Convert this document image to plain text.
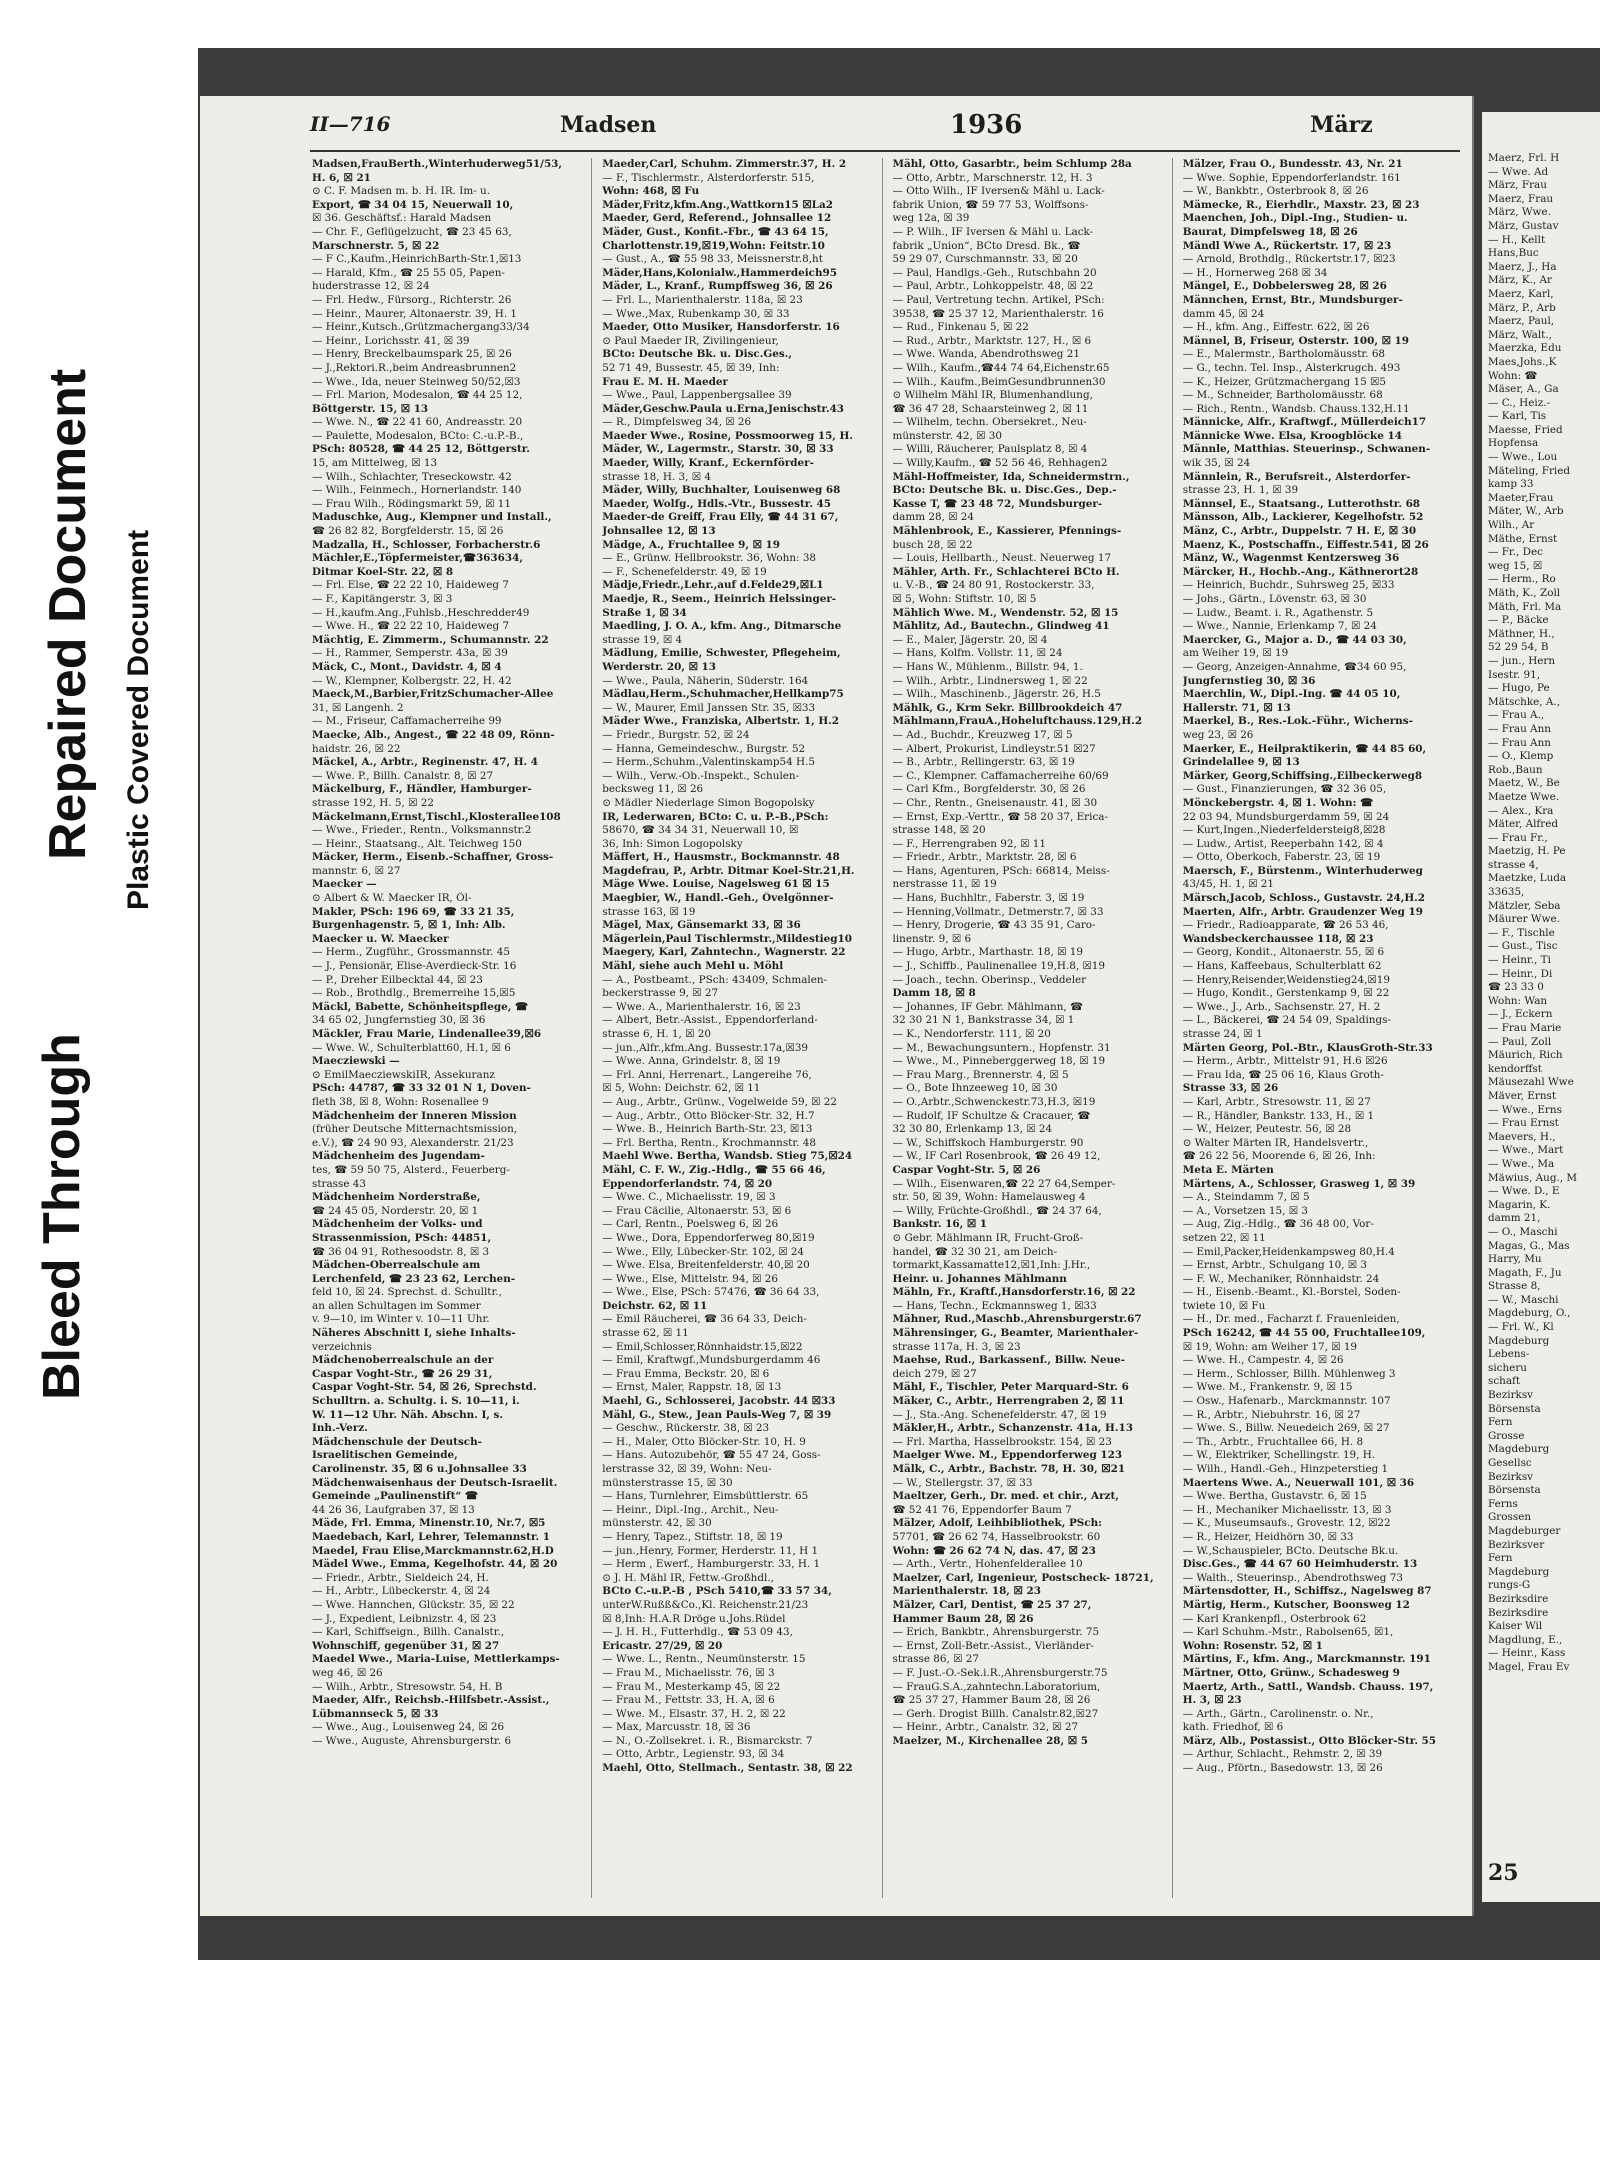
Bleed Through
Repaired Document Plastic Covered Document
II—716	Madsen	1936	März
Madsen,FrauBerth.,Winterhuderweg51/53,
H. 6, ☒ 21
⊙ C. F. Madsen m. b. H. IR. Im- u.
Export, ☎ 34 04 15, Neuerwall 10,
☒ 36. Geschäftsf.: Harald Madsen
— Chr. F., Geflügelzucht, ☎ 23 45 63,
Marschnerstr. 5, ☒ 22
— F C.,Kaufm.,HeinrichBarth-Str.1,☒13
— Harald, Kfm., ☎ 25 55 05, Papen-
huderstrasse 12, ☒ 24
— Frl. Hedw., Fürsorg., Richterstr. 26
— Heinr., Maurer, Altonaerstr. 39, H. 1
— Heinr.,Kutsch.,Grützmachergang33/34
— Heinr., Lorichsstr. 41, ☒ 39
— Henry, Breckelbaumspark 25, ☒ 26
— J.,Rektori.R.,beim Andreasbrunnen2
— Wwe., Ida, neuer Steinweg 50/52,☒3
— Frl. Marion, Modesalon, ☎ 44 25 12,
Böttgerstr. 15, ☒ 13
— Wwe. N., ☎ 22 41 60, Andreasstr. 20
— Paulette, Modesalon, BCto: C.-u.P.-B.,
PSch: 80528, ☎ 44 25 12, Böttgerstr.
15, am Mittelweg, ☒ 13
— Wilh., Schlachter, Treseckowstr. 42
— Wilh., Feinmech., Hornerlandstr. 140
— Frau Wilh., Rödingsmarkt 59, ☒ 11
Maduschke, Aug., Klempner und Install.,
☎ 26 82 82, Borgfelderstr. 15, ☒ 26
Madzalla, H., Schlosser, Forbacherstr.6
Mächler,E.,Töpfermeister,☎363634,
Ditmar Koel-Str. 22, ☒ 8
— Frl. Else, ☎ 22 22 10, Haideweg 7
— F., Kapitängerstr. 3, ☒ 3
— H.,kaufm.Ang.,Fuhlsb.,Heschredder49
— Wwe. H., ☎ 22 22 10, Haideweg 7
Mächtig, E. Zimmerm., Schumannstr. 22
— H., Rammer, Semperstr. 43a, ☒ 39
Mäck, C., Mont., Davidstr. 4, ☒ 4
— W., Klempner, Kolbergstr. 22, H. 42
Maeck,M.,Barbier,FritzSchumacher-Allee
31, ☒ Langenh. 2
— M., Friseur, Caffamacherreihe 99
Maecke, Alb., Angest., ☎ 22 48 09, Rönn-
haidstr. 26, ☒ 22
Mäckel, A., Arbtr., Reginenstr. 47, H. 4
— Wwe. P., Billh. Canalstr. 8, ☒ 27
Mäckelburg, F., Händler, Hamburger-
strasse 192, H. 5, ☒ 22
Mäckelmann,Ernst,Tischl.,Klosterallee108
— Wwe., Frieder., Rentn., Volksmannstr.2
— Heinr., Staatsang., Alt. Teichweg 150
Mäcker, Herm., Eisenb.-Schaffner, Gross-
mannstr. 6, ☒ 27
Maecker —
⊙ Albert & W. Maecker IR, Öl-
Makler, PSch: 196 69, ☎ 33 21 35,
Burgenhagenstr. 5, ☒ 1, Inh: Alb.
Maecker u. W. Maecker
— Herm., Zugführ., Grossmannstr. 45
— J., Pensionär, Elise-Averdieck-Str. 16
— P., Dreher Eilbecktal 44, ☒ 23
— Rob., Brothdlg., Bremerreihe 15,☒5
Mäckl, Babette, Schönheitspflege, ☎
34 65 02, Jungfernstieg 30, ☒ 36
Mäckler, Frau Marie, Lindenallee39,☒6
— Wwe. W., Schulterblatt60, H.1, ☒ 6
Maecziewski —
⊙ EmilMaecziewskiIR, Assekuranz
PSch: 44787, ☎ 33 32 01 N 1, Doven-
fleth 38, ☒ 8, Wohn: Rosenallee 9
Mädchenheim der Inneren Mission
(früher Deutsche Mitternachtsmission,
e.V.), ☎ 24 90 93, Alexanderstr. 21/23
Mädchenheim des Jugendam-
tes, ☎ 59 50 75, Alsterd., Feuerberg-
strasse 43
Mädchenheim Norderstraße,
☎ 24 45 05, Norderstr. 20, ☒ 1
Mädchenheim der Volks- und
Strassenmission, PSch: 44851,
☎ 36 04 91, Rothesoodstr. 8, ☒ 3
Mädchen-Oberrealschule am
Lerchenfeld, ☎ 23 23 62, Lerchen-
feld 10, ☒ 24. Sprechst. d. Schulltr.,
an allen Schultagen im Sommer
v. 9—10, im Winter v. 10—11 Uhr.
Näheres Abschnitt I, siehe Inhalts-
verzeichnis
Mädchenoberrealschule an der
Caspar Voght-Str., ☎ 26 29 31,
Caspar Voght-Str. 54, ☒ 26, Sprechstd.
Schulltrn. a. Schultg. i. S. 10—11, i.
W. 11—12 Uhr. Näh. Abschn. I, s.
Inh.-Verz.
Mädchenschule der Deutsch-
Israelitischen Gemeinde,
Carolinenstr. 35, ☒ 6 u.Johnsallee 33
Mädchenwaisenhaus der Deutsch-Israelit.
Gemeinde „Paulinenstift“ ☎
44 26 36, Laufgraben 37, ☒ 13
Mäde, Frl. Emma, Minenstr.10, Nr.7, ☒5
Maedebach, Karl, Lehrer, Telemannstr. 1
Maedel, Frau Elise,Marckmannstr.62,H.D
Mädel Wwe., Emma, Kegelhofstr. 44, ☒ 20
— Friedr., Arbtr., Sieldeich 24, H.
— H., Arbtr., Lübeckerstr. 4, ☒ 24
— Wwe. Hannchen, Glückstr. 35, ☒ 22
— J., Expedient, Leibnizstr. 4, ☒ 23
— Karl, Schiffseign., Billh. Canalstr.,
Wohnschiff, gegenüber 31, ☒ 27
Maedel Wwe., Maria-Luise, Mettlerkamps-
weg 46, ☒ 26
— Wilh., Arbtr., Stresowstr. 54, H. B
Maeder, Alfr., Reichsb.-Hilfsbetr.-Assist.,
Lübmannseck 5, ☒ 33
— Wwe., Aug., Louisenweg 24, ☒ 26
— Wwe., Auguste, Ahrensburgerstr. 6
Maeder,Carl, Schuhm. Zimmerstr.37, H. 2
— F., Tischlermstr., Alsterdorferstr. 515,
Wohn: 468, ☒ Fu
Mäder,Fritz,kfm.Ang.,Wattkorn15 ☒La2
Maeder, Gerd, Referend., Johnsallee 12
Mäder, Gust., Konfit.-Fbr., ☎ 43 64 15,
Charlottenstr.19,☒19,Wohn: Feitstr.10
— Gust., A., ☎ 55 98 33, Meissnerstr.8,ht
Mäder,Hans,Kolonialw.,Hammerdeich95
Mäder, L., Kranf., Rumpffsweg 36, ☒ 26
— Frl. L., Marienthalerstr. 118a, ☒ 23
— Wwe.,Max, Rubenkamp 30, ☒ 33
Maeder, Otto Musiker, Hansdorferstr. 16
⊙ Paul Maeder IR, Zivilingenieur,
BCto: Deutsche Bk. u. Disc.Ges.,
52 71 49, Bussestr. 45, ☒ 39, Inh:
Frau E. M. H. Maeder
— Wwe., Paul, Lappenbergsallee 39
Mäder,Geschw.Paula u.Erna,Jenischstr.43
— R., Dimpfelsweg 34, ☒ 26
Maeder Wwe., Rosine, Possmoorweg 15, H.
Mäder, W., Lagermstr., Starstr. 30, ☒ 33
Maeder, Willy, Kranf., Eckernförder-
strasse 18, H. 3, ☒ 4
Mäder, Willy, Buchhalter, Louisenweg 68
Maeder, Wolfg., Hdls.-Vtr., Bussestr. 45
Maeder-de Greiff, Frau Elly, ☎ 44 31 67,
Johnsallee 12, ☒ 13
Mädge, A., Fruchtallee 9, ☒ 19
— E., Grünw. Hellbrookstr. 36, Wohn: 38
— F., Schenefelderstr. 49, ☒ 19
Mädje,Friedr.,Lehr.,auf d.Felde29,☒L1
Maedje, R., Seem., Heinrich Helssinger-
Straße 1, ☒ 34
Maedling, J. O. A., kfm. Ang., Ditmarsche
strasse 19, ☒ 4
Mädlung, Emilie, Schwester, Pflegeheim,
Werderstr. 20, ☒ 13
— Wwe., Paula, Näherin, Süderstr. 164
Mädlau,Herm.,Schuhmacher,Hellkamp75
— W., Maurer, Emil Janssen Str. 35, ☒33
Mäder Wwe., Franziska, Albertstr. 1, H.2
— Friedr., Burgstr. 52, ☒ 24
— Hanna, Gemeindeschw., Burgstr. 52
— Herm.,Schuhm.,Valentinskamp54 H.5
— Wilh., Verw.-Ob.-Inspekt., Schulen-
becksweg 11, ☒ 26
⊙ Mädler Niederlage Simon Bogopolsky
IR, Lederwaren, BCto: C. u. P.-B.,PSch:
58670, ☎ 34 34 31, Neuerwall 10, ☒
36, Inh: Simon Logopolsky
Mäffert, H., Hausmstr., Bockmannstr. 48
Magdefrau, P., Arbtr. Ditmar Koel-Str.21,H.
Mäge Wwe. Louise, Nagelsweg 61 ☒ 15
Maegbier, W., Handl.-Geh., Övelgönner-
strasse 163, ☒ 19
Mägel, Max, Gänsemarkt 33, ☒ 36
Mägerlein,Paul Tischlermstr.,Mildestieg10
Maegery, Karl, Zahntechn., Wagnerstr. 22
Mähl, siehe auch Mehl u. Möhl
— A., Postbeamt., PSch: 43409, Schmalen-
beckerstrasse 9, ☒ 27
— Wwe. A., Marienthalerstr. 16, ☒ 23
— Albert, Betr.-Assist., Eppendorferland-
strasse 6, H. 1, ☒ 20
— jun.,Alfr.,kfm.Ang. Bussestr.17a,☒39
— Wwe. Anna, Grindelstr. 8, ☒ 19
— Frl. Anni, Herrenart., Langereihe 76,
☒ 5, Wohn: Deichstr. 62, ☒ 11
— Aug., Arbtr., Grünw., Vogelweide 59, ☒ 22
— Aug., Arbtr., Otto Blöcker-Str. 32, H.7
— Wwe. B., Heinrich Barth-Str. 23, ☒13
— Frl. Bertha, Rentn., Krochmannstr. 48
Maehl Wwe. Bertha, Wandsb. Stieg 75,☒24
Mähl, C. F. W., Zig.-Hdlg., ☎ 55 66 46,
Eppendorferlandstr. 74, ☒ 20
— Wwe. C., Michaelisstr. 19, ☒ 3
— Frau Cäcilie, Altonaerstr. 53, ☒ 6
— Carl, Rentn., Poelsweg 6, ☒ 26
— Wwe., Dora, Eppendorferweg 80,☒19
— Wwe., Elly, Lübecker-Str. 102, ☒ 24
— Wwe. Elsa, Breitenfelderstr. 40,☒ 20
— Wwe., Else, Mittelstr. 94, ☒ 26
— Wwe., Else, PSch: 57476, ☎ 36 64 33,
Deichstr. 62, ☒ 11
— Emil Räucherei, ☎ 36 64 33, Deich-
strasse 62, ☒ 11
— Emil,Schlosser,Rönnhaidstr.15,☒22
— Emil, Kraftwgf.,Mundsburgerdamm 46
— Frau Emma, Beckstr. 20, ☒ 6
— Ernst, Maler, Rappstr. 18, ☒ 13
Maehl, G., Schlosserei, Jacobstr. 44 ☒33
Mähl, G., Stew., Jean Pauls-Weg 7, ☒ 39
— Geschw., Rückerstr. 38, ☒ 23
— H., Maler, Otto Blöcker-Str. 10, H. 9
— Hans. Autozubehör, ☎ 55 47 24, Goss-
lerstrasse 32, ☒ 39, Wohn: Neu-
münsterstrasse 15, ☒ 30
— Hans, Turnlehrer, Eimsbüttlerstr. 65
— Heinr., Dipl.-Ing., Archit., Neu-
münsterstr. 42, ☒ 30
— Henry, Tapez., Stiftstr. 18, ☒ 19
— jun.,Henry, Former, Herderstr. 11, H 1
— Herm , Ewerf., Hamburgerstr. 33, H. 1
⊙ J. H. Mähl IR, Fettw.-Großhdl.,
BCto C.-u.P.-B , PSch 5410,☎ 33 57 34,
unterW.Rußß&Co.,Kl. Reichenstr.21/23
☒ 8,Inh: H.A.R Dröge u.Johs.Rüdel
— J. H. H., Futterhdlg., ☎ 53 09 43,
Ericastr. 27/29, ☒ 20
— Wwe. L., Rentn., Neumünsterstr. 15
— Frau M., Michaelisstr. 76, ☒ 3
— Frau M., Mesterkamp 45, ☒ 22
— Frau M., Fettstr. 33, H. A, ☒ 6
— Wwe. M., Elsastr. 37, H. 2, ☒ 22
— Max, Marcusstr. 18, ☒ 36
— N., O.-Zollsekret. i. R., Bismarckstr. 7
— Otto, Arbtr., Legienstr. 93, ☒ 34
Maehl, Otto, Stellmach., Sentastr. 38, ☒ 22
Mähl, Otto, Gasarbtr., beim Schlump 28a
— Otto, Arbtr., Marschnerstr. 12, H. 3
— Otto Wilh., IF Iversen& Mähl u. Lack-
fabrik Union, ☎ 59 77 53, Wolffsons-
weg 12a, ☒ 39
— P. Wilh., IF Iversen & Mähl u. Lack-
fabrik „Union“, BCto Dresd. Bk., ☎
59 29 07, Curschmannstr. 33, ☒ 20
— Paul, Handlgs.-Geh., Rutschbahn 20
— Paul, Arbtr., Lohkoppelstr. 48, ☒ 22
— Paul, Vertretung techn. Artikel, PSch:
39538, ☎ 25 37 12, Marienthalerstr. 16
— Rud., Finkenau 5, ☒ 22
— Rud., Arbtr., Marktstr. 127, H., ☒ 6
— Wwe. Wanda, Abendrothsweg 21
— Wilh., Kaufm.,☎44 74 64,Eichenstr.65
— Wilh., Kaufm.,BeimGesundbrunnen30
⊙ Wilhelm Mähl IR, Blumenhandlung,
☎ 36 47 28, Schaarsteinweg 2, ☒ 11
— Wilhelm, techn. Obersekret., Neu-
münsterstr. 42, ☒ 30
— Willi, Räucherer, Paulsplatz 8, ☒ 4
— Willy,Kaufm., ☎ 52 56 46, Rehhagen2
Mähl-Hoffmeister, Ida, Schneidermstrn.,
BCto: Deutsche Bk. u. Disc.Ges., Dep.-
Kasse T, ☎ 23 48 72, Mundsburger-
damm 28, ☒ 24
Mählenbrook, E., Kassierer, Pfennings-
busch 28, ☒ 22
— Louis, Hellbarth., Neust. Neuerweg 17
Mähler, Arth. Fr., Schlachterei BCto H.
u. V.-B., ☎ 24 80 91, Rostockerstr. 33,
☒ 5, Wohn: Stiftstr. 10, ☒ 5
Mählich Wwe. M., Wendenstr. 52, ☒ 15
Mählitz, Ad., Bautechn., Glindweg 41
— E., Maler, Jägerstr. 20, ☒ 4
— Hans, Kolfm. Vollstr. 11, ☒ 24
— Hans W., Mühlenm., Billstr. 94, 1.
— Wilh., Arbtr., Lindnersweg 1, ☒ 22
— Wilh., Maschinenb., Jägerstr. 26, H.5
Mählk, G., Krm Sekr. Billbrookdeich 47
Mählmann,FrauA.,Hoheluftchauss.129,H.2
— Ad., Buchdr., Kreuzweg 17, ☒ 5
— Albert, Prokurist, Lindleystr.51 ☒27
— B., Arbtr., Rellingerstr. 63, ☒ 19
— C., Klempner. Caffamacherreihe 60/69
— Carl Kfm., Borgfelderstr. 30, ☒ 26
— Chr., Rentn., Gneisenaustr. 41, ☒ 30
— Ernst, Exp.-Verttr., ☎ 58 20 37, Erica-
strasse 148, ☒ 20
— F., Herrengraben 92, ☒ 11
— Friedr., Arbtr., Marktstr. 28, ☒ 6
— Hans, Agenturen, PSch: 66814, Meiss-
nerstrasse 11, ☒ 19
— Hans, Buchhltr., Faberstr. 3, ☒ 19
— Henning,Vollmatr., Detmerstr.7, ☒ 33
— Henry, Drogerie, ☎ 43 35 91, Caro-
linenstr. 9, ☒ 6
— Hugo, Arbtr., Marthastr. 18, ☒ 19
— J., Schiffb., Paulinenallee 19,H.8, ☒19
— Joach., techn. Oberinsp., Veddeler
Damm 18, ☒ 8
— Johannes, IF Gebr. Mählmann, ☎
32 30 21 N 1, Bankstrasse 34, ☒ 1
— K., Nendorferstr. 111, ☒ 20
— M., Bewachungsuntern., Hopfenstr. 31
— Wwe., M., Pinneberggerweg 18, ☒ 19
— Frau Marg., Brennerstr. 4, ☒ 5
— O., Bote Ihnzeeweg 10, ☒ 30
— O.,Arbtr.,Schwenckestr.73,H.3, ☒19
— Rudolf, IF Schultze & Cracauer, ☎
32 30 80, Erlenkamp 13, ☒ 24
— W., Schiffskoch Hamburgerstr. 90
— W., IF Carl Rosenbrook, ☎ 26 49 12,
Caspar Voght-Str. 5, ☒ 26
— Wilh., Eisenwaren,☎ 22 27 64,Semper-
str. 50, ☒ 39, Wohn: Hamelausweg 4
— Willy, Früchte-Großhdl., ☎ 24 37 64,
Bankstr. 16, ☒ 1
⊙ Gebr. Mählmann IR, Frucht-Groß-
handel, ☎ 32 30 21, am Deich-
tormarkt,Kassamatte12,☒1,Inh: J.Hr.,
Heinr. u. Johannes Mählmann
Mähln, Fr., Kraftf.,Hansdorferstr.16, ☒ 22
— Hans, Techn., Eckmannsweg 1, ☒33
Mähner, Rud.,Maschb.,Ahrensburgerstr.67
Mährensinger, G., Beamter, Marienthaler-
strasse 117a, H. 3, ☒ 23
Maehse, Rud., Barkassenf., Billw. Neue-
deich 279, ☒ 27
Mähl, F., Tischler, Peter Marquard-Str. 6
Mäker, C., Arbtr., Herrengraben 2, ☒ 11
— J., Sta.-Ang. Schenefelderstr. 47, ☒ 19
Mäkler,H., Arbtr., Schanzenstr. 41a, H.13
— Frl. Martha, Hasselbrookstr. 154, ☒ 23
Maelger Wwe. M., Eppendorferweg 123
Mälk, C., Arbtr., Bachstr. 78, H. 30, ☒21
— W., Stellergstr. 37, ☒ 33
Maeltzer, Gerh., Dr. med. et chir., Arzt,
☎ 52 41 76, Eppendorfer Baum 7
Mälzer, Adolf, Leihbibliothek, PSch:
57701, ☎ 26 62 74, Hasselbrookstr. 60
Wohn: ☎ 26 62 74 N, das. 47, ☒ 23
— Arth., Vertr., Hohenfelderallee 10
Maelzer, Carl, Ingenieur, Postscheck- 18721,
Marienthalerstr. 18, ☒ 23
Mälzer, Carl, Dentist, ☎ 25 37 27,
Hammer Baum 28, ☒ 26
— Erich, Bankbtr., Ahrensburgerstr. 75
— Ernst, Zoll-Betr.-Assist., Vierländer-
strasse 86, ☒ 27
— F. Just.-O.-Sek.i.R.,Ahrensburgerstr.75
— FrauG.S.A.,zahntechn.Laboratorium,
☎ 25 37 27, Hammer Baum 28, ☒ 26
— Gerh. Drogist Billh. Canalstr.82,☒27
— Heinr., Arbtr., Canalstr. 32, ☒ 27
Maelzer, M., Kirchenallee 28, ☒ 5
Mälzer, Frau O., Bundesstr. 43, Nr. 21
— Wwe. Sophie, Eppendorferlandstr. 161
— W., Bankbtr., Osterbrook 8, ☒ 26
Mämecke, R., Eierhdlr., Maxstr. 23, ☒ 23
Maenchen, Joh., Dipl.-Ing., Studien- u.
Baurat, Dimpfelsweg 18, ☒ 26
Mändl Wwe A., Rückertstr. 17, ☒ 23
— Arnold, Brothdlg., Rückertstr.17, ☒23
— H., Hornerweg 268 ☒ 34
Mängel, E., Dobbelersweg 28, ☒ 26
Männchen, Ernst, Btr., Mundsburger-
damm 45, ☒ 24
— H., kfm. Ang., Eiffestr. 622, ☒ 26
Männel, B, Friseur, Osterstr. 100, ☒ 19
— E., Malermstr., Bartholomäusstr. 68
— G., techn. Tel. Insp., Alsterkrugch. 493
— K., Heizer, Grützmachergang 15 ☒5
— M., Schneider, Bartholomäusstr. 68
— Rich., Rentn., Wandsb. Chauss.132,H.11
Männicke, Alfr., Kraftwgf., Müllerdeich17
Männicke Wwe. Elsa, Kroogblöcke 14
Männle, Matthias. Steuerinsp., Schwanen-
wik 35, ☒ 24
Männlein, R., Berufsreit., Alsterdorfer-
strasse 23, H. 1, ☒ 39
Männsel, E., Staatsang., Lutterothstr. 68
Mänsson, Alb., Lackierer, Kegelhofstr. 52
Mänz, C., Arbtr., Duppelstr. 7 H. E, ☒ 30
Maenz, K., Postschaffn., Eiffestr.541, ☒ 26
Mänz, W., Wagenmst Kentzersweg 36
Märcker, H., Hochb.-Ang., Käthnerort28
— Heinrich, Buchdr., Suhrsweg 25, ☒33
— Johs., Gärtn., Lövenstr. 63, ☒ 30
— Ludw., Beamt. i. R., Agathenstr. 5
— Wwe., Nannie, Erlenkamp 7, ☒ 24
Maercker, G., Major a. D., ☎ 44 03 30,
am Weiher 19, ☒ 19
— Georg, Anzeigen-Annahme, ☎34 60 95,
Jungfernstieg 30, ☒ 36
Maerchlin, W., Dipl.-Ing. ☎ 44 05 10,
Hallerstr. 71, ☒ 13
Maerkel, B., Res.-Lok.-Führ., Wicherns-
weg 23, ☒ 26
Maerker, E., Heilpraktikerin, ☎ 44 85 60,
Grindelallee 9, ☒ 13
Märker, Georg,Schiffsing.,Eilbeckerweg8
— Gust., Finanzierungen, ☎ 32 36 05,
Mönckebergstr. 4, ☒ 1. Wohn: ☎
22 03 94, Mundsburgerdamm 59, ☒ 24
— Kurt,Ingen.,Niederfeldersteig8,☒28
— Ludw., Artist, Reeperbahn 142, ☒ 4
— Otto, Oberkoch, Faberstr. 23, ☒ 19
Maersch, F., Bürstenm., Winterhuderweg
43/45, H. 1, ☒ 21
Märsch,Jacob, Schloss., Gustavstr. 24,H.2
Maerten, Alfr., Arbtr. Graudenzer Weg 19
— Friedr., Radioapparate, ☎ 26 53 46,
Wandsbeckerchaussee 118, ☒ 23
— Georg, Kondit., Altonaerstr. 55, ☒ 6
— Hans, Kaffeebaus, Schulterblatt 62
— Henry,Reisender,Weidenstieg24,☒19
— Hugo, Kondit., Gerstenkamp 9, ☒ 22
— Wwe., J., Arb., Sachsenstr. 27, H. 2
— L., Bäckerei, ☎ 24 54 09, Spaldings-
strasse 24, ☒ 1
Märten Georg, Pol.-Btr., KlausGroth-Str.33
— Herm., Arbtr., Mittelstr 91, H.6 ☒26
— Frau Ida, ☎ 25 06 16, Klaus Groth-
Strasse 33, ☒ 26
— Karl, Arbtr., Stresowstr. 11, ☒ 27
— R., Händler, Bankstr. 133, H., ☒ 1
— W., Heizer, Peutestr. 56, ☒ 28
⊙ Walter Märten IR, Handelsvertr.,
☎ 26 22 56, Moorende 6, ☒ 26, Inh:
Meta E. Märten
Märtens, A., Schlosser, Grasweg 1, ☒ 39
— A., Steindamm 7, ☒ 5
— A., Vorsetzen 15, ☒ 3
— Aug, Zig.-Hdlg., ☎ 36 48 00, Vor-
setzen 22, ☒ 11
— Emil,Packer,Heidenkampsweg 80,H.4
— Ernst, Arbtr., Schulgang 10, ☒ 3
— F. W., Mechaniker, Rönnhaidstr. 24
— H., Eisenb.-Beamt., Kl.-Borstel, Soden-
twiete 10, ☒ Fu
— H., Dr. med., Facharzt f. Frauenleiden,
PSch 16242, ☎ 44 55 00, Fruchtallee109,
☒ 19, Wohn: am Weiher 17, ☒ 19
— Wwe. H., Campestr. 4, ☒ 26
— Herm., Schlosser, Billh. Mühlenweg 3
— Wwe. M., Frankenstr. 9, ☒ 15
— Osw., Hafenarb., Marckmannstr. 107
— R., Arbtr., Niebuhrstr. 16, ☒ 27
— Wwe. S., Billw. Neuedeich 269, ☒ 27
— Th., Arbtr., Fruchtallee 66, H. 8
— W., Elektriker, Schellingstr. 19, H.
— Wilh., Handl.-Geh., Hinzpeterstieg 1
Maertens Wwe. A., Neuerwall 101, ☒ 36
— Wwe. Bertha, Gustavstr. 6, ☒ 15
— H., Mechaniker Michaelisstr. 13, ☒ 3
— K., Museumsaufs., Grovestr. 12, ☒22
— R., Heizer, Heidhörn 30, ☒ 33
— W.,Schauspieler, BCto. Deutsche Bk.u.
Disc.Ges., ☎ 44 67 60 Heimhuderstr. 13
— Walth., Steuerinsp., Abendrothsweg 73
Märtensdotter, H., Schiffsz., Nagelsweg 87
Märtig, Herm., Kutscher, Boonsweg 12
— Karl Krankenpfl., Osterbrook 62
— Karl Schuhm.-Mstr., Rabolsen65, ☒1,
Wohn: Rosenstr. 52, ☒ 1
Märtins, F., kfm. Ang., Marckmannstr. 191
Märtner, Otto, Grünw., Schadesweg 9
Maertz, Arth., Sattl., Wandsb. Chauss. 197,
H. 3, ☒ 23
— Arth., Gärtn., Carolinenstr. o. Nr.,
kath. Friedhof, ☒ 6
März, Alb., Postassist., Otto Blöcker-Str. 55
— Arthur, Schlacht., Rehmstr. 2, ☒ 39
— Aug., Pförtn., Basedowstr. 13, ☒ 26
Maerz, Frl. H
— Wwe. Ad
März, Frau
Maerz, Frau
März, Wwe.
März, Gustav
— H., Kellt
Hans,Buc
Maerz, J., Ha
März, K., Ar
Maerz, Karl,
März, P., Arb
Maerz, Paul,
März, Walt.,
Maerzka, Edu
Maes,Johs.,K
Wohn: ☎
Mäser, A., Ga
— C., Heiz.-
— Karl, Tis
Maesse, Fried
Hopfensa
— Wwe., Lou
Mäteling, Fried
kamp 33
Maeter,Frau
Mäter, W., Arb
Wilh., Ar
Mäthe, Ernst
— Fr., Dec
weg 15, ☒
— Herm., Ro
Mäth, K., Zoll
Mäth, Frl. Ma
— P., Bäcke
Mäthner, H.,
52 29 54, B
— jun., Hern
Isestr. 91,
— Hugo, Pe
Mätschke, A.,
— Frau A.,
— Frau Ann
— Frau Ann
— O., Klemp
Rob.,Baun
Maetz, W., Be
Maetze Wwe.
— Alex., Kra
Mäter, Alfred
— Frau Fr.,
Maetzig, H. Pe
strasse 4,
Maetzke, Luda
33635,
Mätzler, Seba
Mäurer Wwe.
— F., Tischle
— Gust., Tisc
— Heinr., Ti
— Heinr., Di
☎ 23 33 0
Wohn: Wan
— J., Eckern
— Frau Marie
— Paul, Zoll
Mäurich, Rich
kendorffst
Mäusezahl Wwe
Mäver, Ernst
— Wwe., Erns
— Frau Ernst
Maevers, H.,
— Wwe., Mart
— Wwe., Ma
Mäwius, Aug., M
— Wwe. D., E
Magarin, K.
damm 21,
— O., Maschi
Magas, G., Mas
Harry, Mu
Magath, F., Ju
Strasse 8,
— W., Maschi
Magdeburg, O.,
— Frl. W., Kl
Magdeburg
Lebens-
sicheru
schaft
Bezirksv
Börsensta
Fern
Grosse
Magdeburg
Gesellsc
Bezirksv
Börsensta
Ferns
Grossen
Magdeburger
Bezirksver
Fern
Magdeburg
rungs-G
Bezirksdire
Bezirksdire
Kaiser Wil
Magdlung, E.,
— Heinr., Kass
Magel, Frau Ev
25
